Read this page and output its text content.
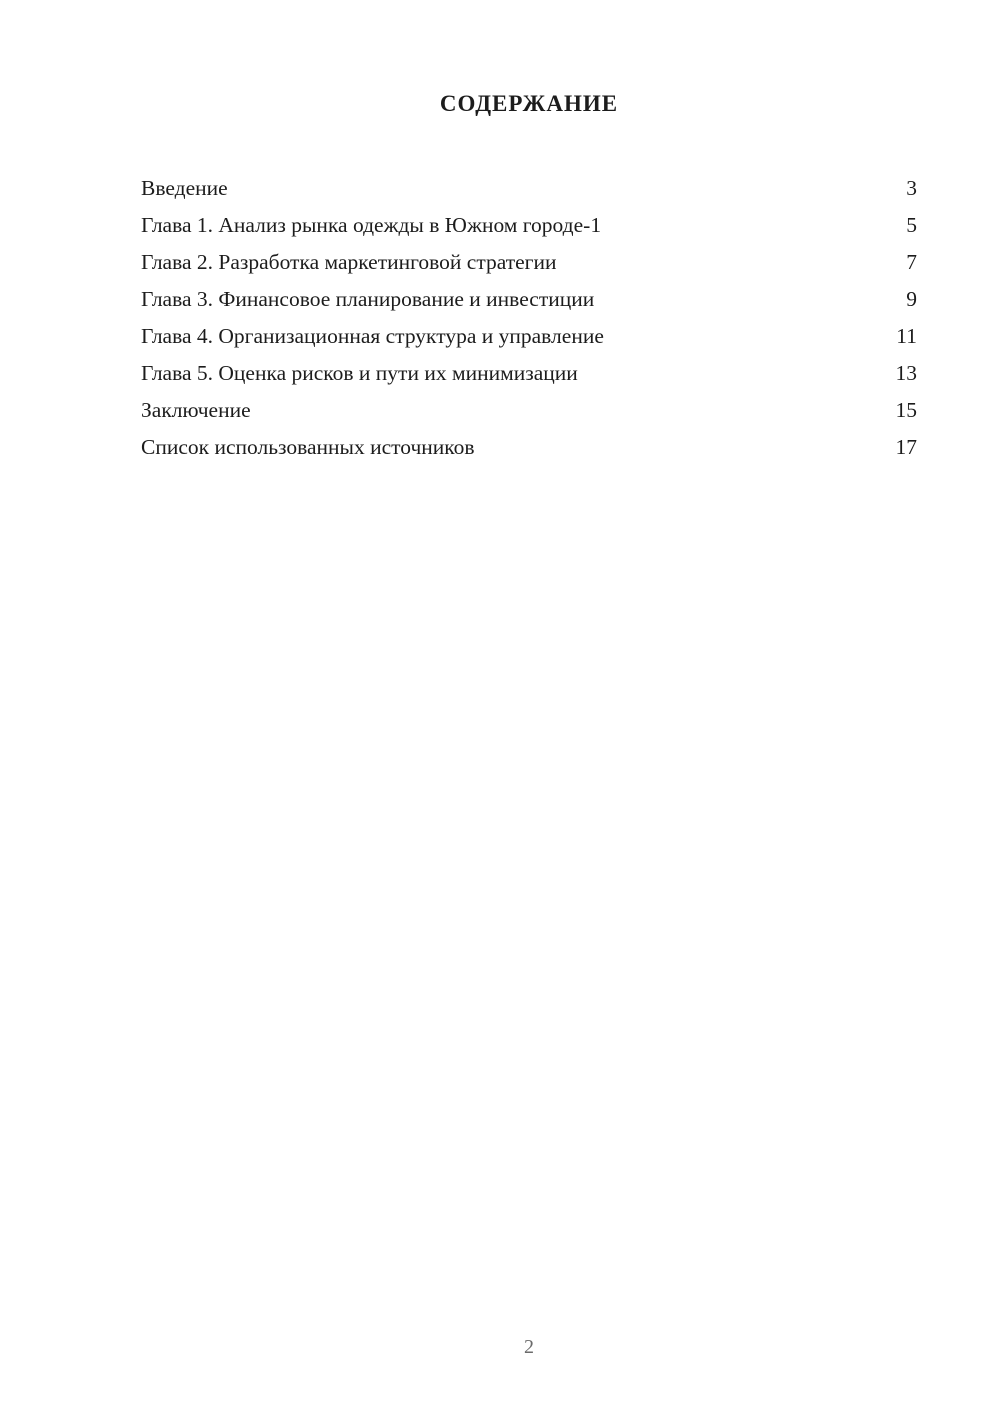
СОДЕРЖАНИЕ
Введение	3
Глава 1. Анализ рынка одежды в Южном городе-1	5
Глава 2. Разработка маркетинговой стратегии	7
Глава 3. Финансовое планирование и инвестиции	9
Глава 4. Организационная структура и управление	11
Глава 5. Оценка рисков и пути их минимизации	13
Заключение	15
Список использованных источников	17
2
